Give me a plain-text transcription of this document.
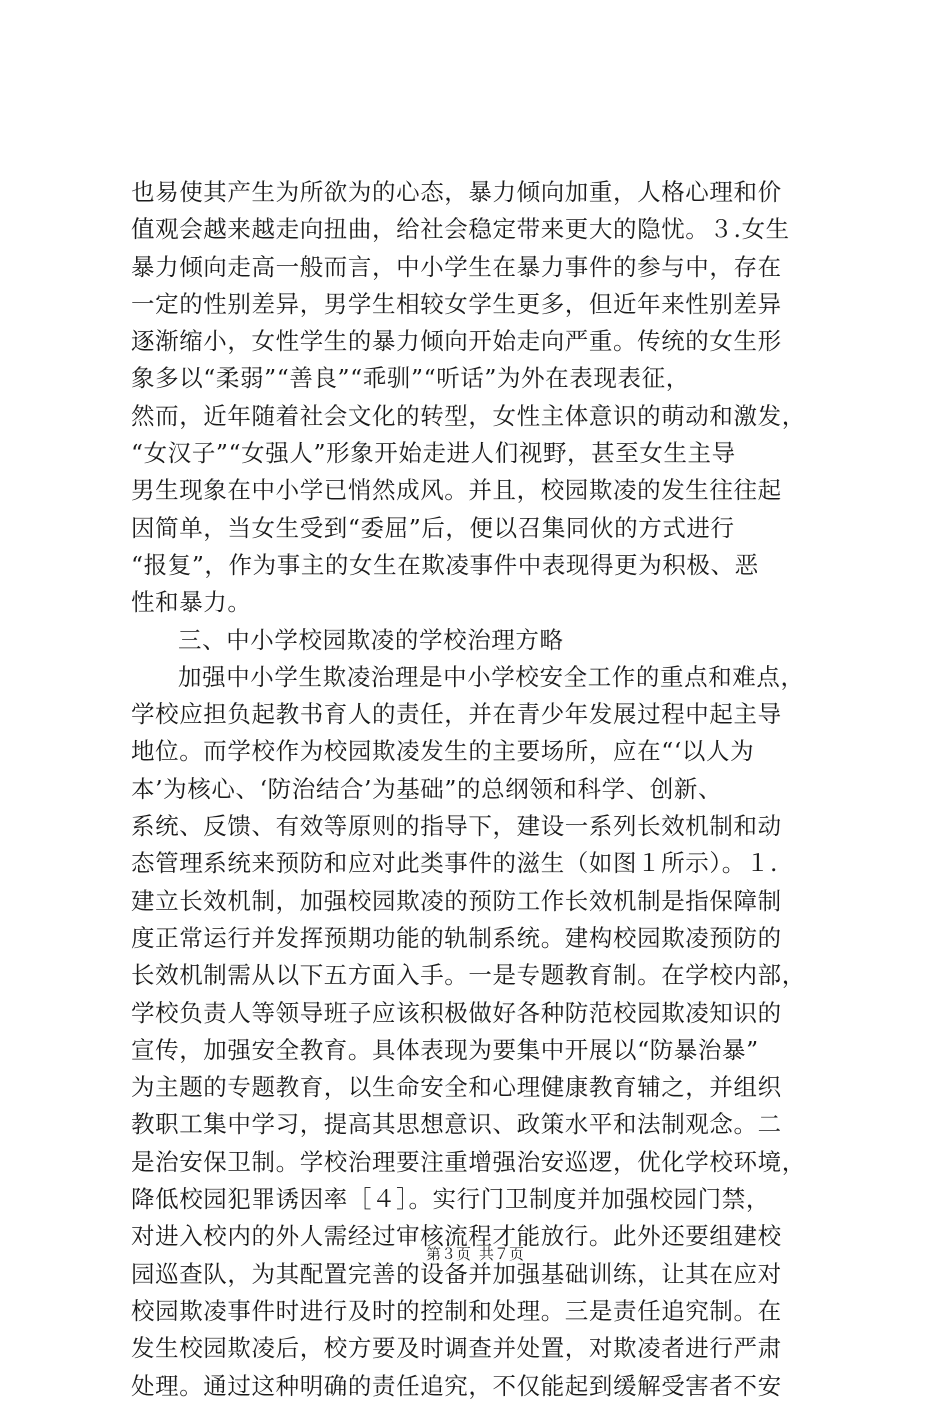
也易使其产生为所欲为的心态，暴力倾向加重，人格心理和价
值观会越来越走向扭曲，给社会稳定带来更大的隐忧。３.女生
暴力倾向走高一般而言，中小学生在暴力事件的参与中，存在
一定的性别差异，男学生相较女学生更多，但近年来性别差异
逐渐缩小，女性学生的暴力倾向开始走向严重。传统的女生形
象多以“柔弱”“善良”“乖驯”“听话”为外在表现表征，
然而，近年随着社会文化的转型，女性主体意识的萌动和激发，
“女汉子”“女强人”形象开始走进人们视野，甚至女生主导
男生现象在中小学已悄然成风。并且，校园欺凌的发生往往起
因简单，当女生受到“委屈”后，便以召集同伙的方式进行
“报复”，作为事主的女生在欺凌事件中表现得更为积极、恶
性和暴力。
三、中小学校园欺凌的学校治理方略
加强中小学生欺凌治理是中小学校安全工作的重点和难点，
学校应担负起教书育人的责任，并在青少年发展过程中起主导
地位。而学校作为校园欺凌发生的主要场所，应在“‘以人为
本’为核心、‘防治结合’为基础”的总纲领和科学、创新、
系统、反馈、有效等原则的指导下，建设一系列长效机制和动
态管理系统来预防和应对此类事件的滋生（如图１所示）。１.
建立长效机制，加强校园欺凌的预防工作长效机制是指保障制
度正常运行并发挥预期功能的轨制系统。建构校园欺凌预防的
长效机制需从以下五方面入手。一是专题教育制。在学校内部，
学校负责人等领导班子应该积极做好各种防范校园欺凌知识的
宣传，加强安全教育。具体表现为要集中开展以“防暴治暴”
为主题的专题教育，以生命安全和心理健康教育辅之，并组织
教职工集中学习，提高其思想意识、政策水平和法制观念。二
是治安保卫制。学校治理要注重增强治安巡逻，优化学校环境，
降低校园犯罪诱因率［４］。实行门卫制度并加强校园门禁，
对进入校内的外人需经过审核流程才能放行。此外还要组建校
园巡查队，为其配置完善的设备并加强基础训练，让其在应对
校园欺凌事件时进行及时的控制和处理。三是责任追究制。在
发生校园欺凌后，校方要及时调查并处置，对欺凌者进行严肃
处理。通过这种明确的责任追究，不仅能起到缓解受害者不安
第３页 共７页
